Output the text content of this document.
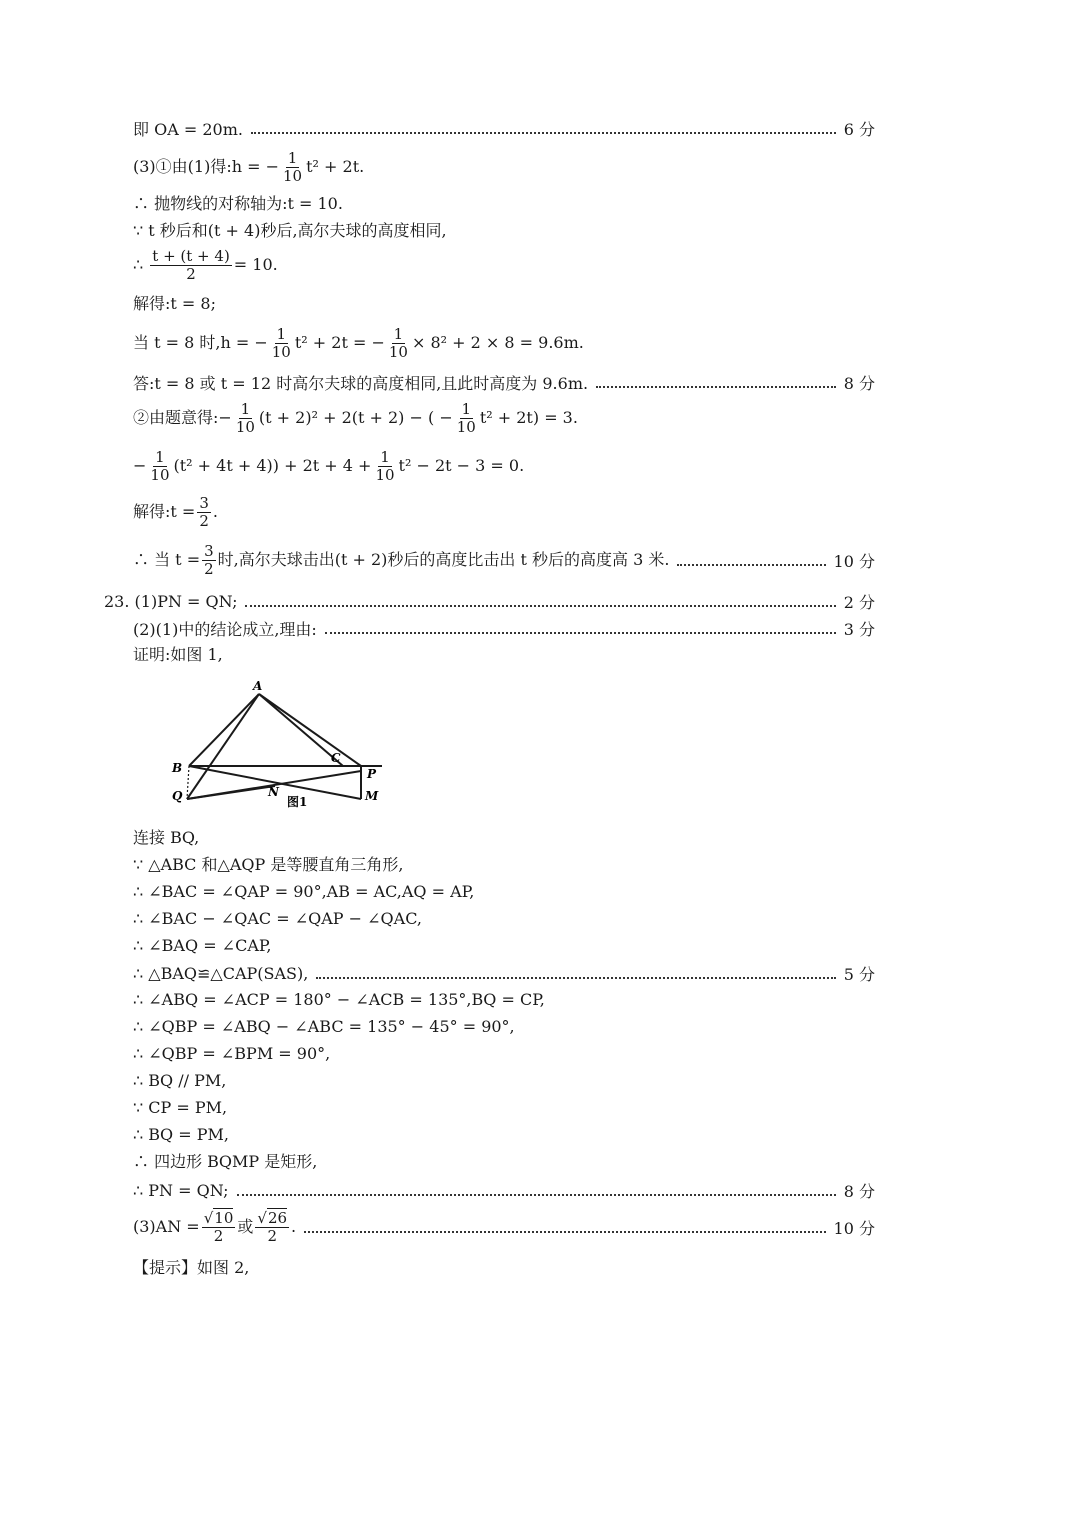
即 OA = 20m.	6 分
(3)①由(1)得:h = − $\frac{1}{10} t^2 + 2t$.
∴ 抛物线的对称轴为:t = 10.
∵ t 秒后和(t + 4)秒后,高尔夫球的高度相同,
∴ $\frac{t + (t + 4)}{2} = 10$.
解得:t = 8;
当 t = 8 时,h = − $\frac{1}{10} t^2 + 2t$ = − $\frac{1}{10} \times 8^2 + 2 \times 8 = 9.6m$.
答:t = 8 或 t = 12 时高尔夫球的高度相同,且此时高度为 9.6m.	8 分
②由题意得:− $\frac{1}{10} (t + 2)^2 + 2(t + 2)$ − ( − $\frac{1}{10} t^2 + 2t) = 3$.
− $\frac{1}{10} (t^2 + 4t + 4)) + 2t + 4 + \frac{1}{10} t^2 - 2t - 3 = 0$.
解得:t = $\frac{3}{2}$ .
∴ 当 $t = \frac{3}{2}$ 时,高尔夫球击出(t + 2)秒后的高度比击出 t 秒后的高度高 3 米.	10 分
23. (1)PN = QN;	2 分
(2)(1)中的结论成立,理由:	3 分
证明:如图 1,
A
B
C
P
Q	N	M
图1
连接 BQ,
∵ △ABC 和△AQP 是等腰直角三角形,
∴ ∠BAC = ∠QAP = 90°,AB = AC,AQ = AP,
∴ ∠BAC − ∠QAC = ∠QAP − ∠QAC,
∴ ∠BAQ = ∠CAP,
∴ △BAQ≌△CAP(SAS),	5 分
∴ ∠ABQ = ∠ACP = 180° − ∠ACB = 135°,BQ = CP,
∴ ∠QBP = ∠ABQ − ∠ABC = 135° − 45° = 90°,
∴ ∠QBP = ∠BPM = 90°,
∴ BQ // PM,
∵ CP = PM,
∴ BQ = PM,
∴ 四边形 BQMP 是矩形,
∴ PN = QN;	8 分
$(3)AN = \frac{√10}{2}$ 或 $\frac{√26}{2}$ .	10 分
【提示】如图 2,
